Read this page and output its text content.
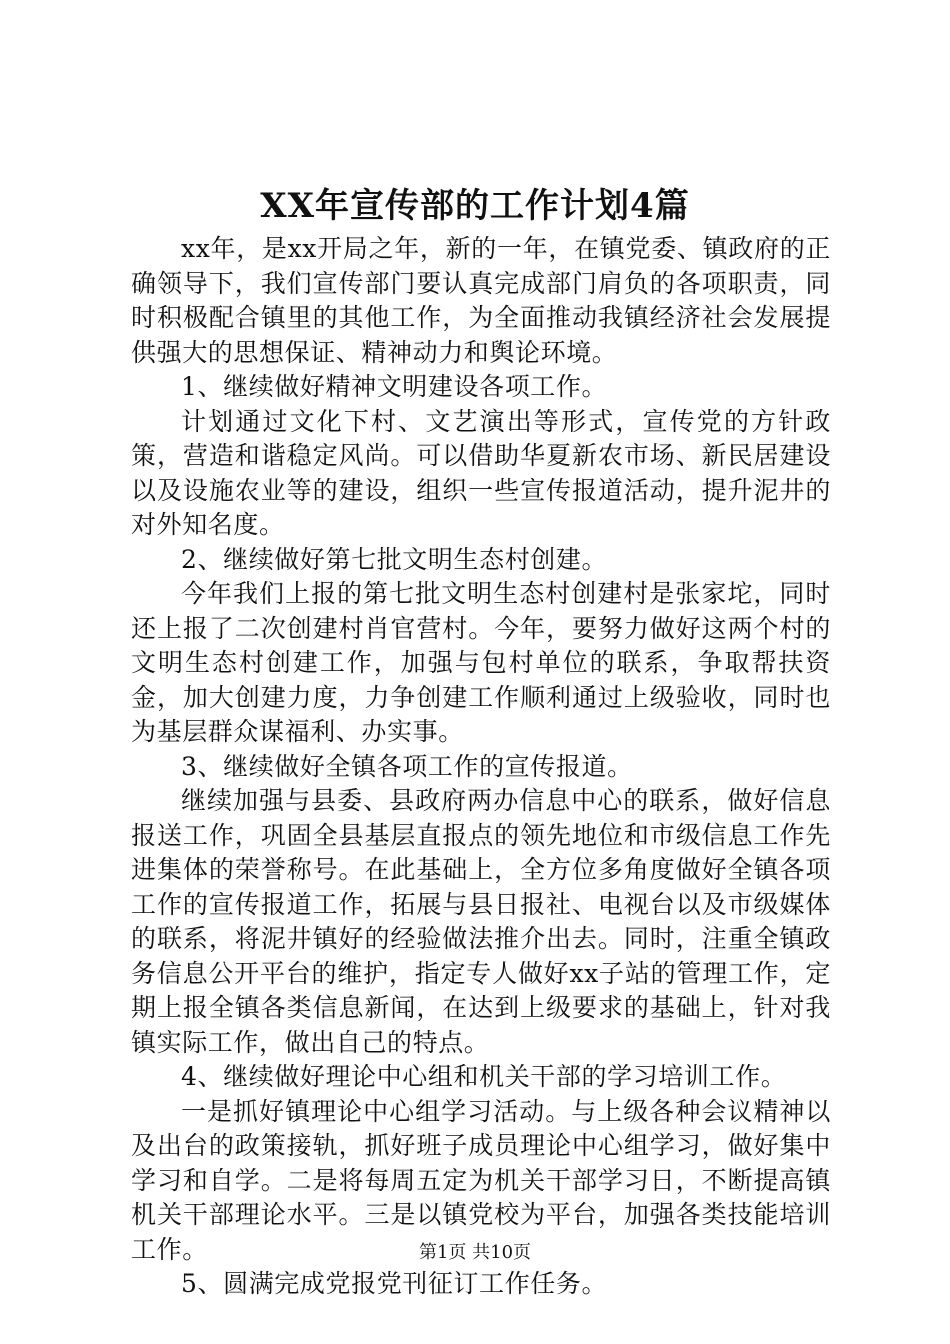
XX年宣传部的工作计划4篇

xx年，是xx开局之年，新的一年，在镇党委、镇政府的正确领导下，我们宣传部门要认真完成部门肩负的各项职责，同时积极配合镇里的其他工作，为全面推动我镇经济社会发展提供强大的思想保证、精神动力和舆论环境。

1、继续做好精神文明建设各项工作。

计划通过文化下村、文艺演出等形式，宣传党的方针政策，营造和谐稳定风尚。可以借助华夏新农市场、新民居建设以及设施农业等的建设，组织一些宣传报道活动，提升泥井的对外知名度。

2、继续做好第七批文明生态村创建。

今年我们上报的第七批文明生态村创建村是张家坨，同时还上报了二次创建村肖官营村。今年，要努力做好这两个村的文明生态村创建工作，加强与包村单位的联系，争取帮扶资金，加大创建力度，力争创建工作顺利通过上级验收，同时也为基层群众谋福利、办实事。

3、继续做好全镇各项工作的宣传报道。

继续加强与县委、县政府两办信息中心的联系，做好信息报送工作，巩固全县基层直报点的领先地位和市级信息工作先进集体的荣誉称号。在此基础上，全方位多角度做好全镇各项工作的宣传报道工作，拓展与县日报社、电视台以及市级媒体的联系，将泥井镇好的经验做法推介出去。同时，注重全镇政务信息公开平台的维护，指定专人做好xx子站的管理工作，定期上报全镇各类信息新闻，在达到上级要求的基础上，针对我镇实际工作，做出自己的特点。

4、继续做好理论中心组和机关干部的学习培训工作。

一是抓好镇理论中心组学习活动。与上级各种会议精神以及出台的政策接轨，抓好班子成员理论中心组学习，做好集中学习和自学。二是将每周五定为机关干部学习日，不断提高镇机关干部理论水平。三是以镇党校为平台，加强各类技能培训工作。

5、圆满完成党报党刊征订工作任务。

第1页 共10页
